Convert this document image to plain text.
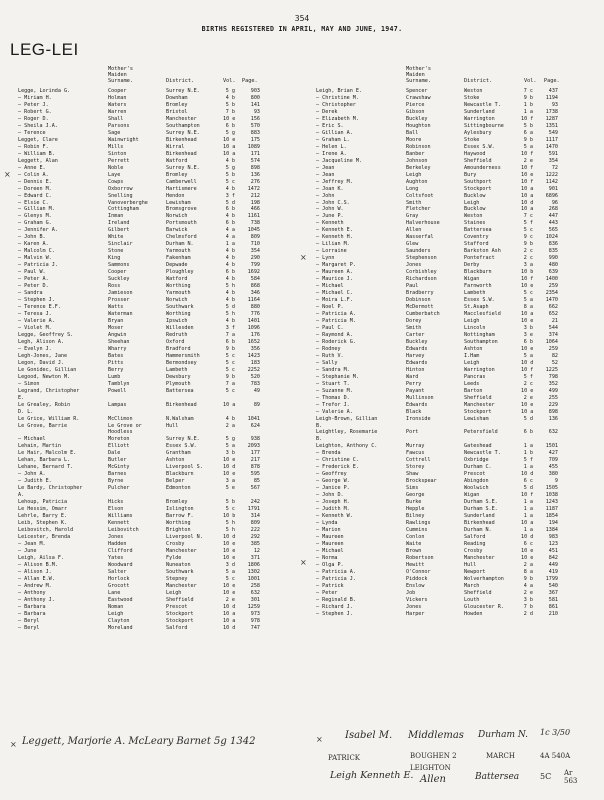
354
BIRTHS REGISTERED IN APRIL, MAY AND JUNE, 1947.
LEG-LEI
Mother's
Maiden
Surname.	District.	Vol. Page.
Mother's
Maiden
Surname.	District.	Vol. Page.
Legge, Lorinda G.	Cooper	Surrey N.E.	5 g	903
— Miriam H.	Holman	Downham	4 b	800
— Peter J.	Waters	Bromley	5 b	141
— Robert G.	Warren	Bristol	7 b	93
— Roger D.	Shall	Manchester	10 e	156
— Sheila J.A.	Parsons	Southampton	6 b	570
— Terence	Sage	Surrey N.E.	5 g	883
Legget, Clare	Wainwright	Birkenhead	10 e	175
— Robin F.	Mills	Wirral	10 a	1089
— William B.	Sinton	Birkenhead	10 a	171
Leggett, Alan	Perrett	Watford	4 b	574
— Anne E.	Noble	Surrey N.E.	5 g	898
— Colin A.	Laye	Bromley	5 b	136
— Dennis E.	Cowps	Camberwell	5 c	276
— Doreen M.	Oxborrow	Hartismere	4 b	1472
— Edward C.	Snelling	Hendon	3 f	212
— Elsie C.	Vanoverberghe	Lewisham	5 d	198
— Gillian M.	Cottingham	Bromsgrove	6 b	466
— Glenys M.	Inman	Norwich	4 b	1161
— Graham G.	Ireland	Portsmouth	6 b	738
— Jennifer A.	Gilbert	Barwick	4 a	1045
— John B.	White	Chelmsford	4 a	809
— Karen A.	Sinclair	Durham N.	1 a	710
— Malcolm C.	Stone	Yarmouth	4 b	354
— Malvin W.	King	Fakenham	4 b	290
— Patricia J.	Sammons	Depwade	4 b	799
— Paul W.	Cooper	Ploughley	6 b	1692
— Peter A.	Suckley	Watford	4 b	584
— Peter D.	Ross	Worthing	5 h	868
— Sandra	Jamieson	Yarmouth	4 b	346
— Stephen J.	Prosser	Norwich	4 b	1164
— Terence E.F.	Watts	Southwark	5 d	880
— Teresa J.	Waterman	Worthing	5 h	776
— Valerie A.	Bryan	Ipswich	4 b	1401
— Violet M.	Moser	Willesden	3 f	1096
Legge, Geoffrey S.	Angwin	Redruth	7 a	176
Legh, Alison A.	Sheehan	Oxford	6 b	1652
— Evelyn J.	Wharry	Bradford	9 b	356
Legh-Jones, Jane	Bates	Hammersmith	5 c	1423
Legon, David J.	Pitts	Bermondsey	5 c	183
Le Gonidec, Gillian	Berry	Lambeth	5 c	2252
Legood, Newton M.	Lumb	Dewsbury	9 b	520
— Simon	Tamblyn	Plymouth	7 a	783
Legrand, Christopher	Powell	Battersea	5 c	49
E.
Le Grealey, Robin	Lampas	Birkenhead	10 a	89
D. L.
Le Grice, William R.	McClimon	N.Walsham	4 b	1041
Le Grove, Barrie	Le Grove or	Hull	2 a	624
Hoodless
— Michael	Moreton	Surrey N.E.	5 g	938
Lehain, Martin	Elliott	Essex S.W.	5 a	2093
Le Hair, Malcolm E.	Dale	Grantham	3 b	177
Lehan, Barbara L.	Butler	Ashton	10 e	217
Lehane, Bernard T.	McGinty	Liverpool S.	10 d	878
— John A.	Barnes	Blackburn	10 e	595
— Judith E.	Byrne	Belper	3 a	85
Le Bardy, Christopher	Pulcher	Edmonton	5 e	567
A.
Lehoup, Patricia	Hicks	Bromley	5 b	242
Le Hessim, Omarr	Elson	Islington	5 c	1791
Lehrle, Barry E.	Williams	Barrow F.	10 b	314
Leib, Stephen K.	Kennett	Worthing	5 h	809
Leibovitch, Harold	Leibovitch	Brighton	5 h	222
Leicester, Brenda	Jones	Liverpool N.	10 d	292
— Jean M.	Hadden	Crosby	10 e	385
— June	Clifford	Manchester	10 e	12
Leigh, Ailsa F.	Yates	Fylde	10 e	371
— Alison B.M.	Woodward	Nuneaton	3 d	1806
— Alison J.	Salter	Southwark	5 a	1302
— Allan E.W.	Horlock	Stepney	5 c	1001
— Andrew M.	Grocott	Manchester	10 e	258
— Anthony	Lane	Leigh	10 e	632
— Anthony J.	Eastwood	Sheffield	2 e	301
— Barbara	Noman	Prescot	10 d	1259
— Barbara	Leigh	Stockport	10 a	973
— Beryl	Clayton	Stockport	10 a	978
— Beryl	Moreland	Salford	10 d	747
Leigh, Brian E.	Spencer	Weston	7 c	437
— Christine M.	Crawshaw	Stoke	9 b	1194
— Christopher	Pierce	Newcastle T.	1 b	93
— Derek	Gibson	Sunderland	1 a	1738
— Elizabeth M.	Buckley	Warrington	10 f	1287
— Eric S.	Houghton	Sittingbourne	5 b	1351
— Gillian A.	Ball	Aylesbury	6 a	549
— Graham L.	Moore	Stoke	9 b	1117
— Helen L.	Robinson	Essex S.W.	5 a	1470
— Irene A.	Banber	Haywood	10 f	591
— Jacqueline M.	Johnson	Sheffield	2 e	354
— Jean	Berkeley	Amounderness	10 f	72
— Jean	Leigh	Bury	10 e	1222
— Jeffrey M.	Aughton	Southport	10 f	1142
— Joan K.	Long	Stockport	10 a	901
— John	Coltsfoot	Bucklow	10 a	6896
— John C.S.	Smith	Leigh	10 d	96
— John W.	Fletcher	Bucklow	10 a	268
— June P.	Gray	Weston	7 c	447
— Kenneth	Halverhouse	Staines	5 f	443
— Kenneth E.	Allen	Battersea	5 c	565
— Kenneth H.	Wasserfal	Coventry	9 c	1024
— Lilian M.	Glew	Stafford	9 b	836
— Lorraine	Saunders	Barkston Ash	2 c	835
— Lynn	Stephenson	Pontefract	2 c	990
— Margaret P.	Jones	Derby	3 a	480
— Maureen A.	Corbishley	Blackburn	10 b	639
— Maurice J.	Richardson	Wigan	10 f	1400
— Michael	Paul	Farnworth	10 e	259
— Michael C.	Bradberry	Lambeth	5 c	2354
— Moira L.F.	Dobinson	Essex S.W.	5 a	1470
— Noel P.	McDermott	St.Asaph	8 a	662
— Patricia A.	Cumberbatch	Macclesfield	10 a	652
— Patricia M.	Dorey	Leigh	10 e	21
— Paul C.	Smith	Lincoln	3 b	544
— Raymond A.	Carter	Nottingham	3 e	374
— Roderick G.	Buckley	Southampton	6 b	1064
— Rodney	Edwards	Ashton	10 e	259
— Ruth V.	Harvey	I.Ham	5 a	82
— Sally	Edwards	Leigh	10 d	52
— Sandra M.	Hinton	Warrington	10 f	1225
— Stephanie M.	Ward	Pancras	5 f	798
— Stuart T.	Perry	Leeds	2 c	352
— Suzanne M.	Payant	Barton	10 e	499
— Thomas D.	Mullinson	Sheffield	2 e	255
— Trefor J.	Edwards	Manchester	10 e	229
— Valerie A.	Black	Stockport	10 a	898
Leigh-Brown, Gillian	Ironside	Lewisham	5 d	136
B.
Leightley, Rosemarie	Port	Petersfield	6 b	632
B.
Leighton, Anthony C.	Murray	Gateshead	1 a	1501
— Brenda	Fawcus	Newcastle T.	1 b	427
— Christine C.	Cottrell	Oxbridge	5 f	709
— Frederick E.	Storey	Durham C.	1 a	455
— Geoffrey	Shaw	Prescot	10 d	380
— George W.	Brockspear	Abingdon	6 c	9
— Janice P.	Sims	Woolwich	5 d	1505
— John D.	George	Wigan	10 f	1038
— Joseph H.	Burke	Durham S.E.	1 a	1243
— Judith M.	Hepple	Durham S.E.	1 a	1187
— Kenneth W.	Bilney	Sunderland	1 a	1854
— Lynda	Rawlings	Birkenhead	10 a	194
— Marion	Cummins	Durham N.	1 a	1384
— Maureen	Conlon	Salford	10 d	983
— Maureen	Waite	Reading	6 c	123
— Michael	Brown	Crosby	10 e	451
— Norma	Robertson	Manchester	10 e	842
— Olga P.	Hewitt	Hull	2 a	449
— Patricia A.	O'Connor	Newport	8 a	419
— Patricia J.	Piddock	Wolverhampton	9 b	1799
— Patrick	Enslow	March	4 a	540
— Peter	Job	Sheffield	2 e	367
— Reginald B.	Vickers	Louth	3 b	581
— Richard J.	Jones	Gloucester R.	7 b	861
— Stephen J.	Harper	Howden	2 d	210
×
×
×
×
×
Leggett, Marjorie A. McLeary Barnet 5g 1342
Isabel M. Middlemas Durham N. 1c 3/50
PATRICK	BOUGHEN 2	MARCH	4A 540A
LEIGHTON
Leigh Kenneth E. Allen	Battersea	5C Ar 563
